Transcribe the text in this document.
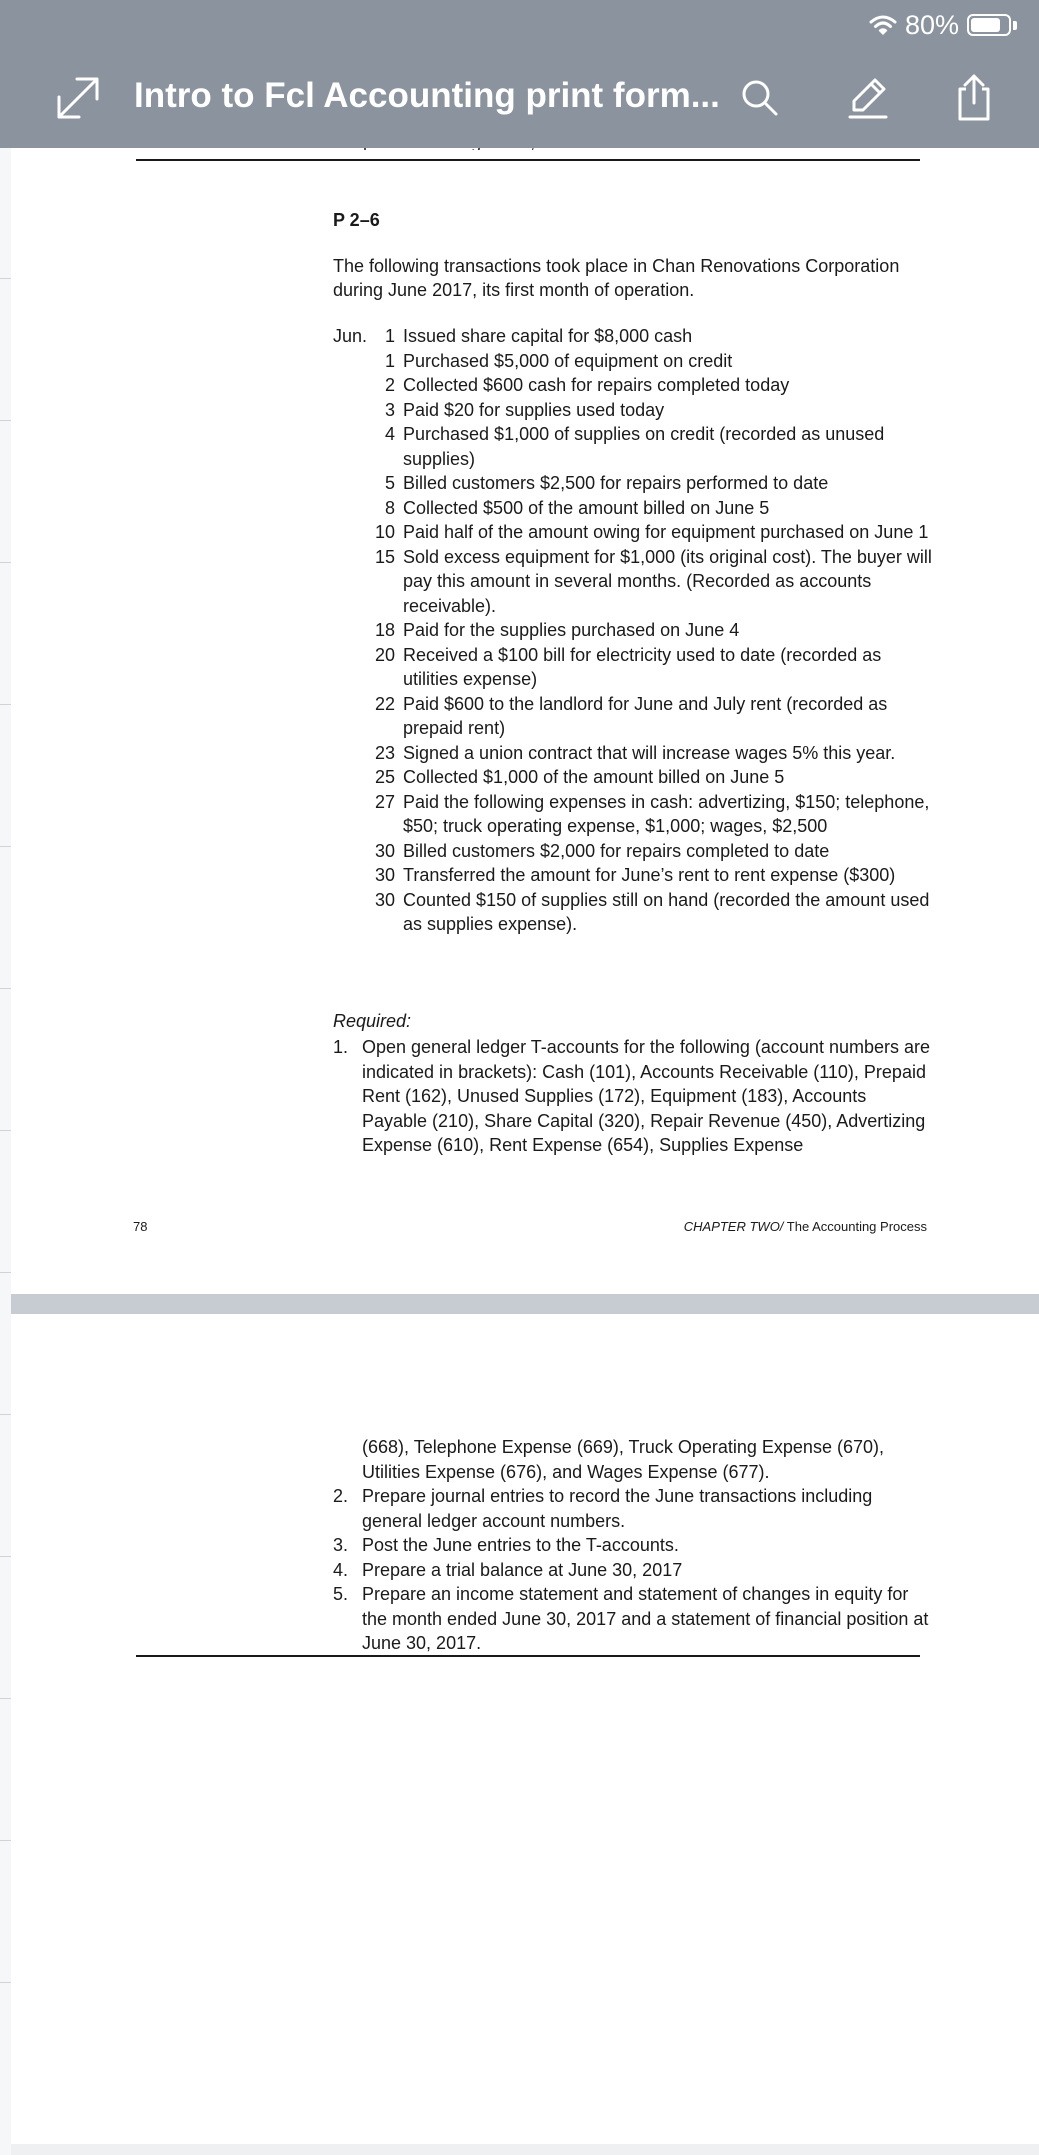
P 2–6
The following transactions took place in Chan Renovations Corporation during June 2017, its first month of operation.
Jun. 1 Issued share capital for $8,000 cash
1 Purchased $5,000 of equipment on credit
2 Collected $600 cash for repairs completed today
3 Paid $20 for supplies used today
4 Purchased $1,000 of supplies on credit (recorded as unused supplies)
5 Billed customers $2,500 for repairs performed to date
8 Collected $500 of the amount billed on June 5
10 Paid half of the amount owing for equipment purchased on June 1
15 Sold excess equipment for $1,000 (its original cost). The buyer will pay this amount in several months. (Recorded as accounts receivable).
18 Paid for the supplies purchased on June 4
20 Received a $100 bill for electricity used to date (recorded as utilities expense)
22 Paid $600 to the landlord for June and July rent (recorded as prepaid rent)
23 Signed a union contract that will increase wages 5% this year.
25 Collected $1,000 of the amount billed on June 5
27 Paid the following expenses in cash: advertizing, $150; telephone, $50; truck operating expense, $1,000; wages, $2,500
30 Billed customers $2,000 for repairs completed to date
30 Transferred the amount for June’s rent to rent expense ($300)
30 Counted $150 of supplies still on hand (recorded the amount used as supplies expense).
Required:
1. Open general ledger T-accounts for the following (account numbers are indicated in brackets): Cash (101), Accounts Receivable (110), Prepaid Rent (162), Unused Supplies (172), Equipment (183), Accounts Payable (210), Share Capital (320), Repair Revenue (450), Advertizing Expense (610), Rent Expense (654), Supplies Expense
78	CHAPTER TWO/ The Accounting Process
(668), Telephone Expense (669), Truck Operating Expense (670), Utilities Expense (676), and Wages Expense (677).
2. Prepare journal entries to record the June transactions including general ledger account numbers.
3. Post the June entries to the T-accounts.
4. Prepare a trial balance at June 30, 2017
5. Prepare an income statement and statement of changes in equity for the month ended June 30, 2017 and a statement of financial position at June 30, 2017.
80%
Intro to Fcl Accounting print form...
